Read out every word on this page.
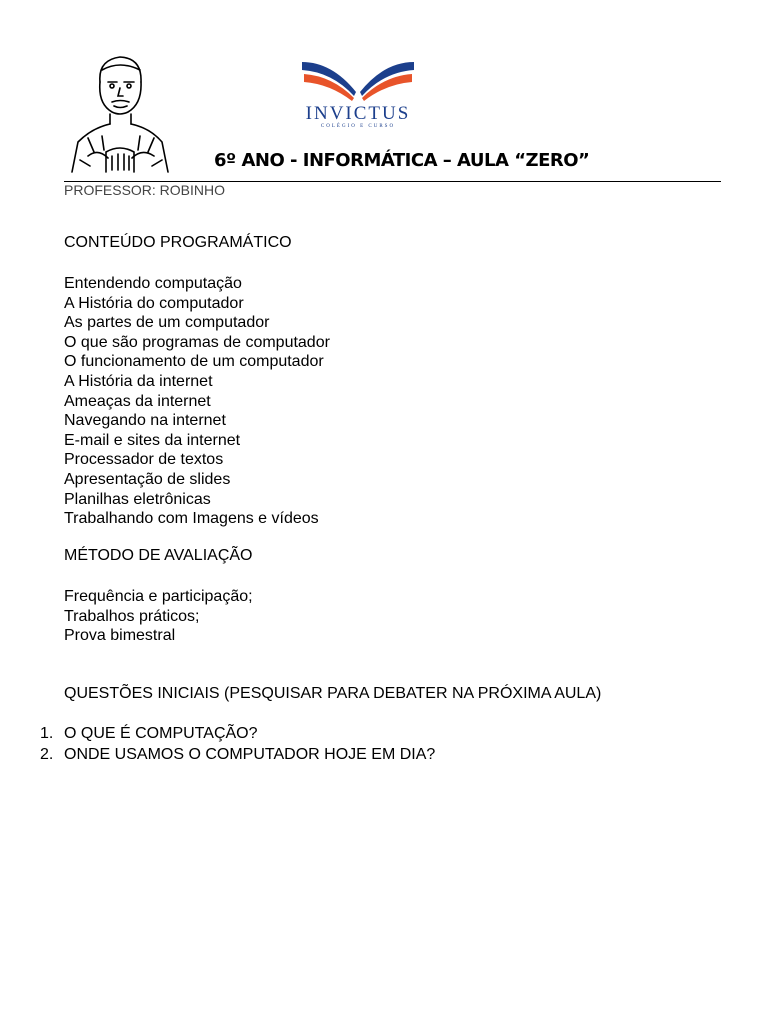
INVICTUS
COLÉGIO E CURSO
6º ANO - INFORMÁTICA – AULA “ZERO”
PROFESSOR: ROBINHO
CONTEÚDO PROGRAMÁTICO
Entendendo computação
A História do computador
As partes de um computador
O que são programas de computador
O funcionamento de um computador
A História da internet
Ameaças da internet
Navegando na internet
E-mail e sites da internet
Processador de textos
Apresentação de slides
Planilhas eletrônicas
Trabalhando com Imagens e vídeos
MÉTODO DE AVALIAÇÃO
Frequência e participação;
Trabalhos práticos;
Prova bimestral
QUESTÕES INICIAIS (PESQUISAR PARA DEBATER NA PRÓXIMA AULA)
1. O QUE É COMPUTAÇÃO?
2. ONDE USAMOS O COMPUTADOR HOJE EM DIA?
